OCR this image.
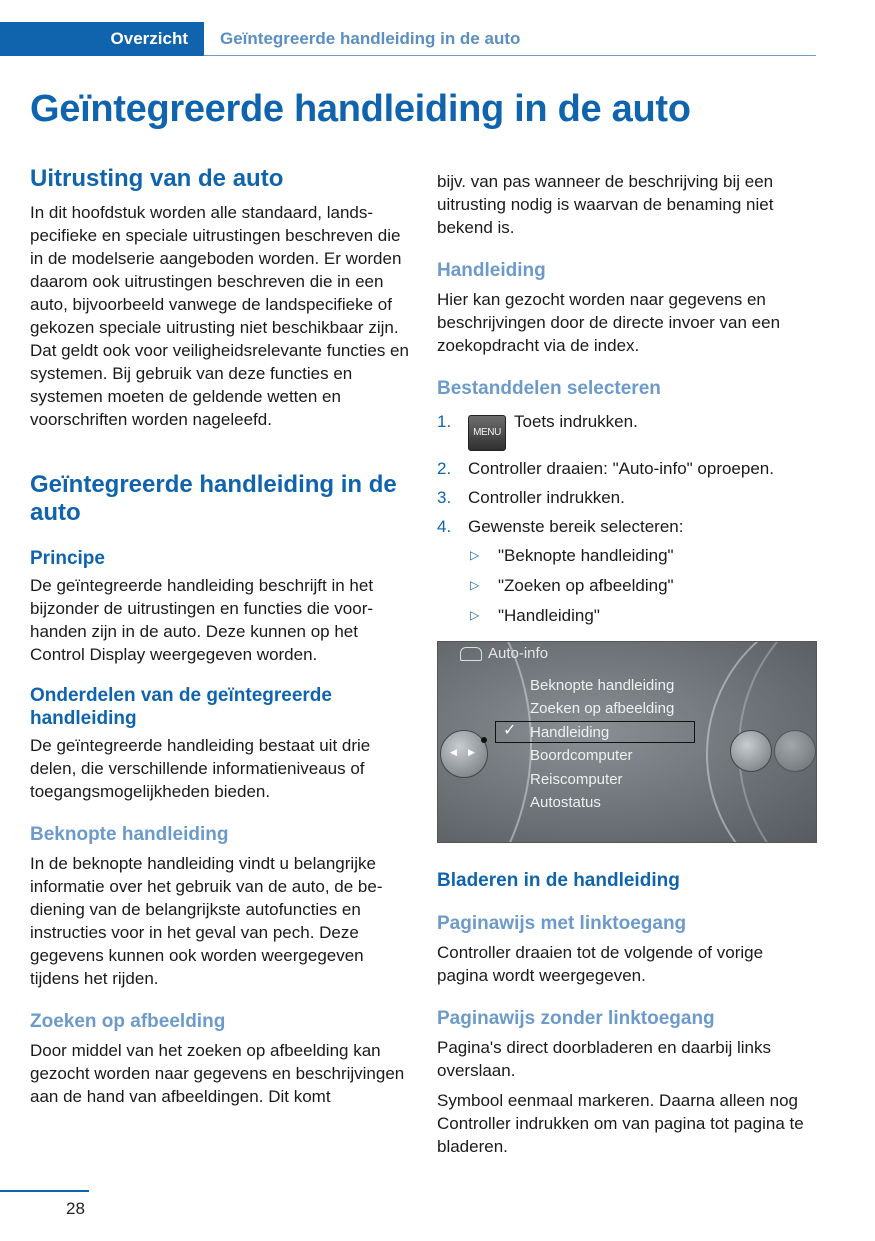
Overzicht	Geïntegreerde handleiding in de auto
Geïntegreerde handleiding in de auto
Uitrusting van de auto

In dit hoofdstuk worden alle standaard, landspecifieke en speciale uitrustingen beschreven die in de modelserie aangeboden worden. Er worden daarom ook uitrustingen beschreven die in een auto, bijvoorbeeld vanwege de landspecifieke of gekozen speciale uitrusting niet beschikbaar zijn. Dat geldt ook voor veiligheidsrelevante functies en systemen. Bij gebruik van deze functies en systemen moeten de geldende wetten en voorschriften worden nageleefd.

Geïntegreerde handleiding in de auto
Principe

De geïntegreerde handleiding beschrijft in het bijzonder de uitrustingen en functies die voorhanden zijn in de auto. Deze kunnen op het Control Display weergegeven worden.

Onderdelen van de geïntegreerde handleiding

De geïntegreerde handleiding bestaat uit drie delen, die verschillende informatieniveaus of toegangsmogelijkheden bieden.

Beknopte handleiding

In de beknopte handleiding vindt u belangrijke informatie over het gebruik van de auto, de bediening van de belangrijkste autofuncties en instructies voor in het geval van pech. Deze gegevens kunnen ook worden weergegeven tijdens het rijden.

Zoeken op afbeelding

Door middel van het zoeken op afbeelding kan gezocht worden naar gegevens en beschrijvingen aan de hand van afbeeldingen. Dit komt

bijv. van pas wanneer de beschrijving bij een uitrusting nodig is waarvan de benaming niet bekend is.

Handleiding

Hier kan gezocht worden naar gegevens en beschrijvingen door de directe invoer van een zoekopdracht via de index.

Bestanddelen selecteren
1.
MENUToets indrukken.
2. Controller draaien: "Auto-info" oproepen.
3. Controller indrukken.
4. Gewenste bereik selecteren:
▷ "Beknopte handleiding"
▷ "Zoeken op afbeelding"
▷ "Handleiding"
Auto-info
◀ ▶
Beknopte handleiding
Zoeken op afbeelding
Handleiding
Boordcomputer
Reiscomputer
Autostatus
✓
Bladeren in de handleiding
Paginawijs met linktoegang

Controller draaien tot de volgende of vorige pagina wordt weergegeven.

Paginawijs zonder linktoegang

Pagina's direct doorbladeren en daarbij links overslaan.

Symbool eenmaal markeren. Daarna alleen nog Controller indrukken om van pagina tot pagina te bladeren.

28
